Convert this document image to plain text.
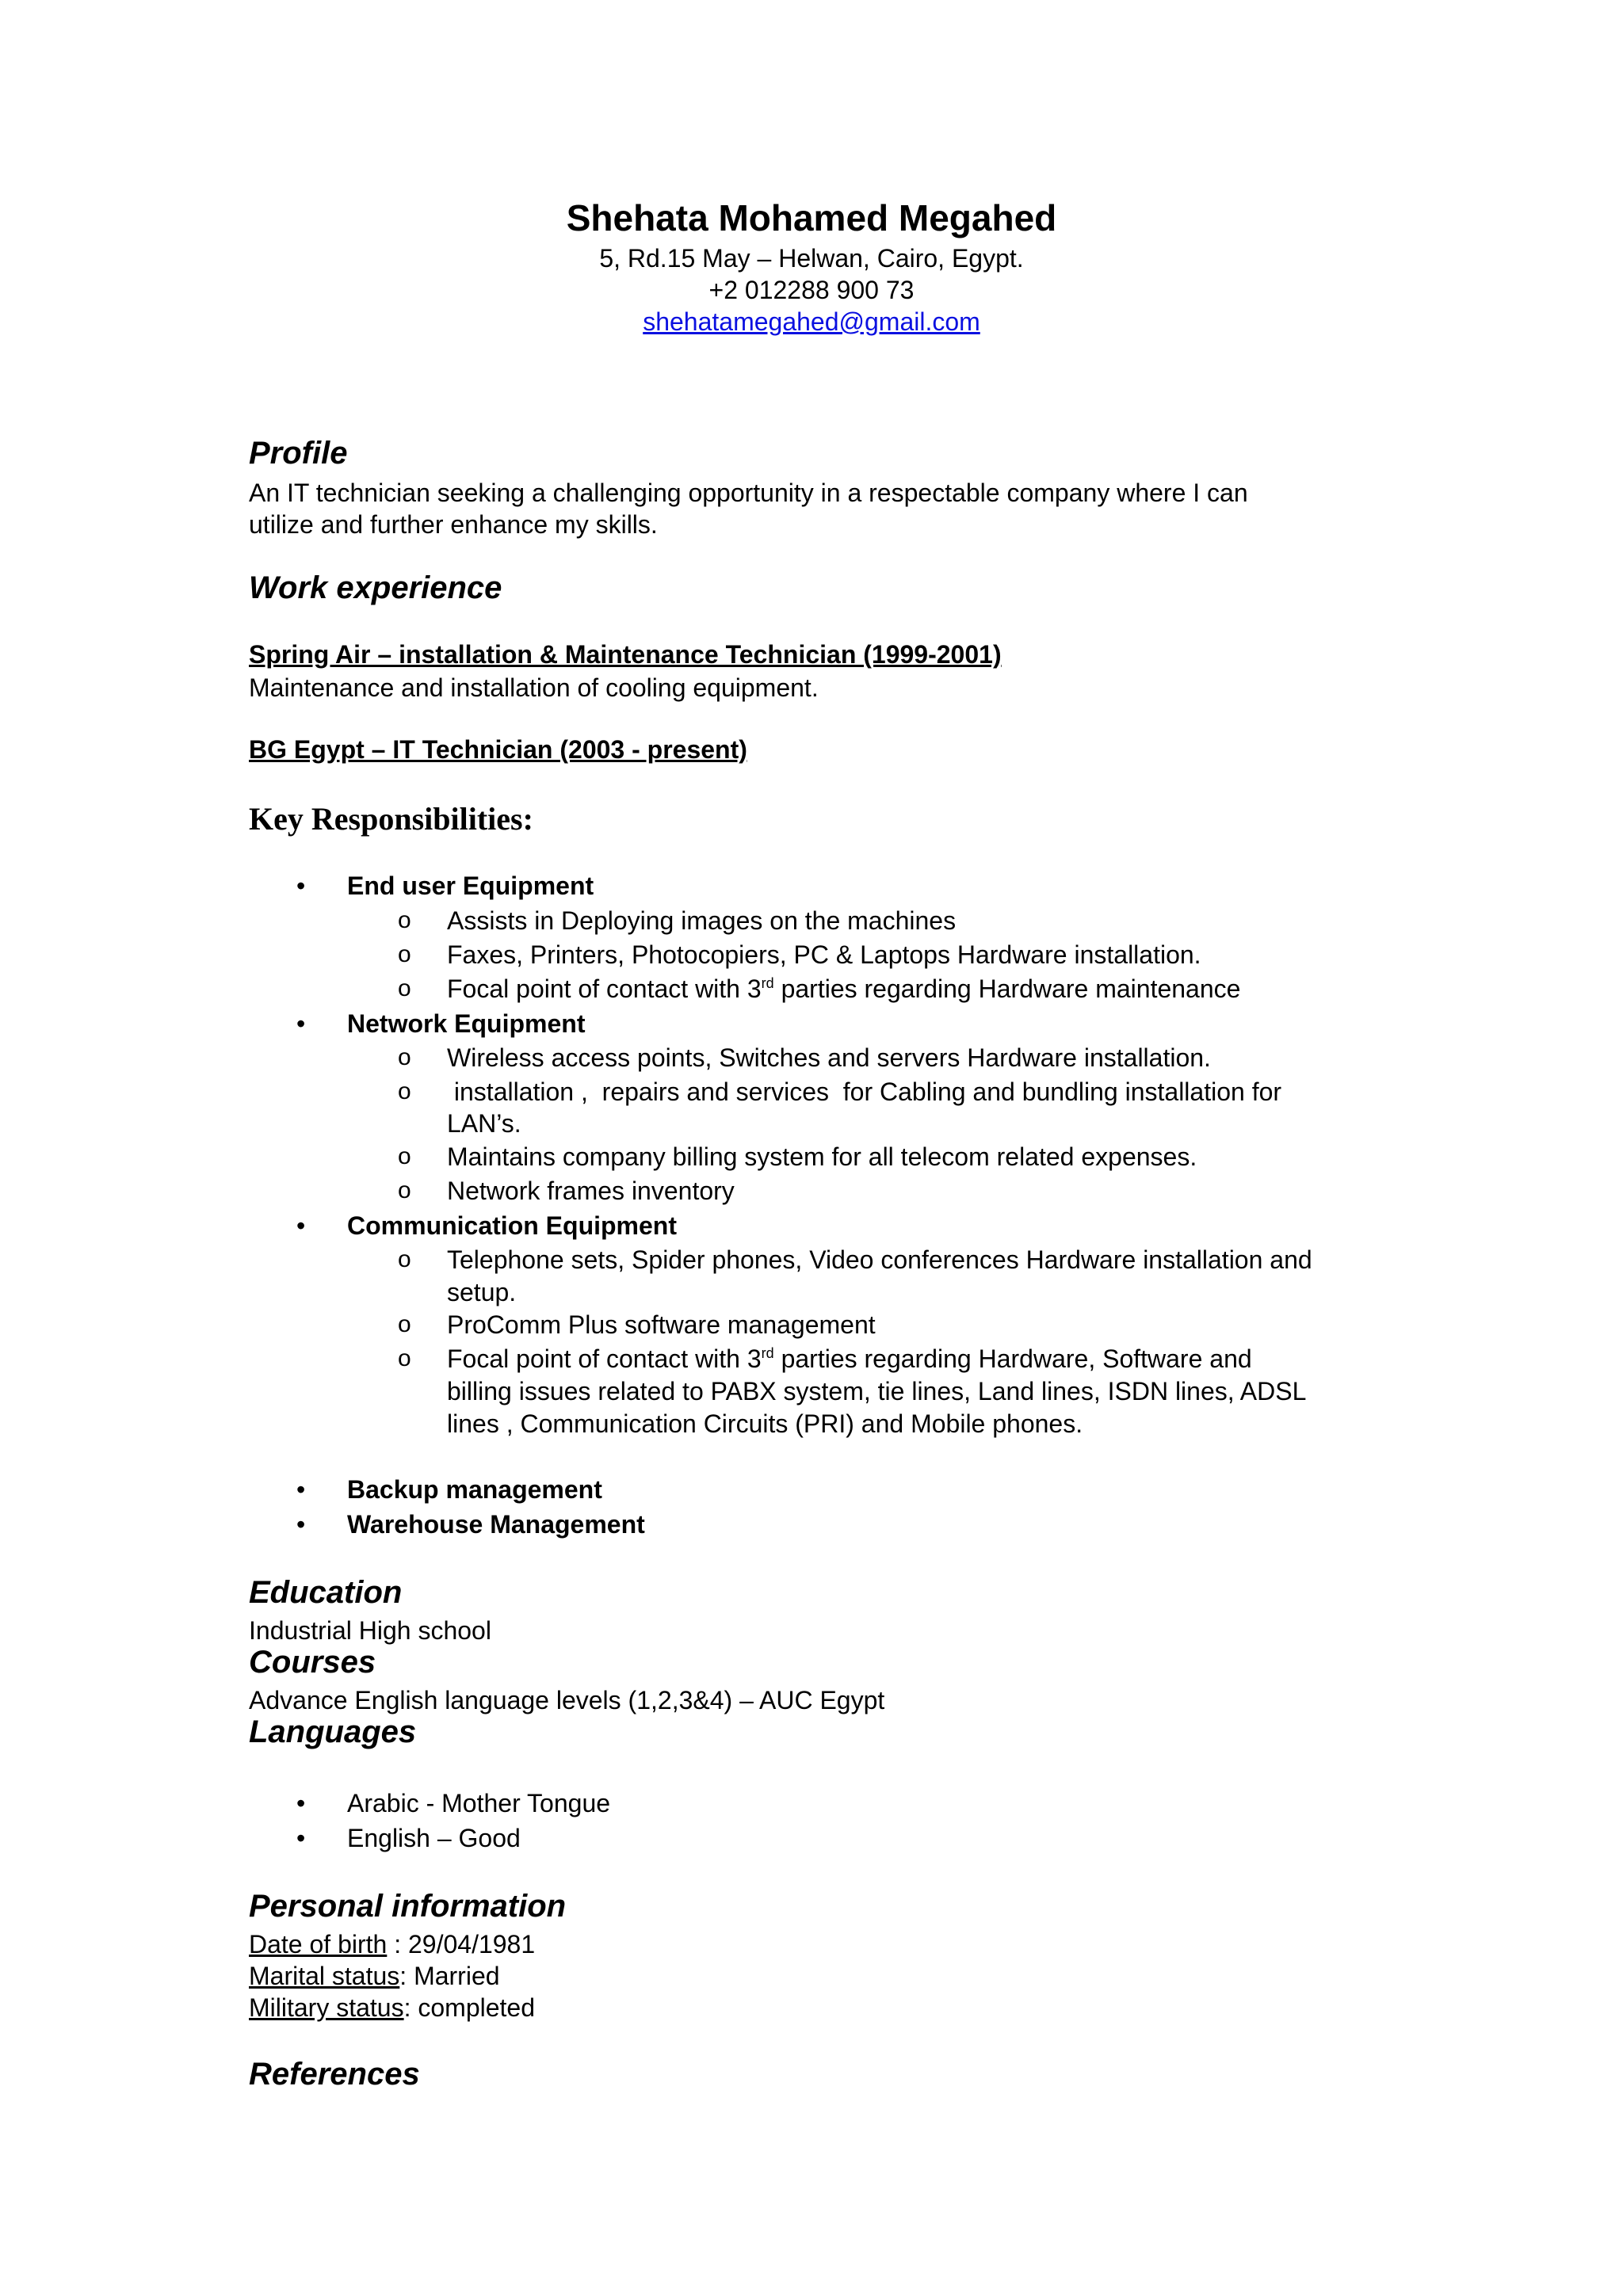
Shehata Mohamed Megahed
5, Rd.15 May – Helwan, Cairo, Egypt.
+2 012288 900 73
shehatamegahed@gmail.com
Profile
An IT technician seeking a challenging opportunity in a respectable company where I can
utilize and further enhance my skills.
Work experience
Spring Air – installation & Maintenance Technician (1999-2001)
Maintenance and installation of cooling equipment.
BG Egypt – IT Technician (2003 - present)
Key Responsibilities:
• End user Equipment
o Assists in Deploying images on the machines
o Faxes, Printers, Photocopiers, PC & Laptops Hardware installation.
o Focal point of contact with 3rd parties regarding Hardware maintenance
• Network Equipment
o Wireless access points, Switches and servers Hardware installation.
o installation ,  repairs and services  for Cabling and bundling installation for
LAN’s.
o Maintains company billing system for all telecom related expenses.
o Network frames inventory
• Communication Equipment
o Telephone sets, Spider phones, Video conferences Hardware installation and
setup.
o ProComm Plus software management
o Focal point of contact with 3rd parties regarding Hardware, Software and
billing issues related to PABX system, tie lines, Land lines, ISDN lines, ADSL
lines , Communication Circuits (PRI) and Mobile phones.
• Backup management
• Warehouse Management
Education
Industrial High school
Courses
Advance English language levels (1,2,3&4) – AUC Egypt
Languages
• Arabic - Mother Tongue
• English – Good
Personal information
Date of birth : 29/04/1981
Marital status: Married
Military status: completed
References
